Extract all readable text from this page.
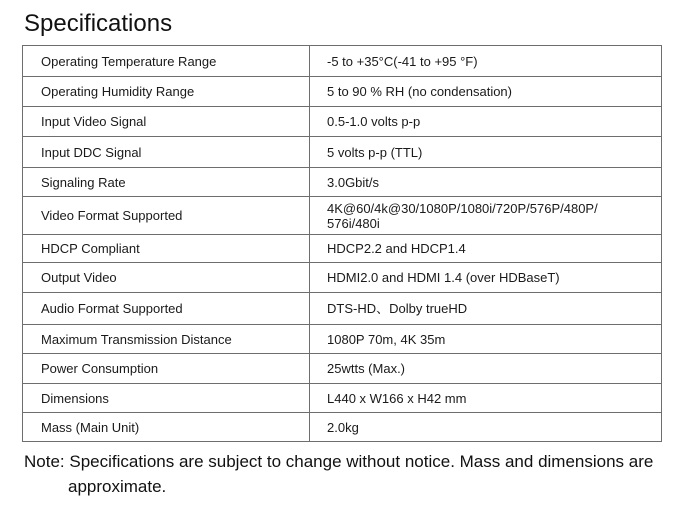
Specifications
Operating Temperature Range	-5 to +35°C(-41 to +95 °F)
Operating Humidity Range	5 to 90 % RH (no condensation)
Input Video Signal	0.5-1.0 volts p-p
Input DDC Signal	5 volts p-p (TTL)
Signaling Rate	3.0Gbit/s
Video Format Supported	4K@60/4k@30/1080P/1080i/720P/576P/480P/ 576i/480i
HDCP Compliant	HDCP2.2 and HDCP1.4
Output Video	HDMI2.0 and HDMI 1.4 (over HDBaseT)
Audio Format Supported	DTS-HD、Dolby trueHD
Maximum Transmission Distance	1080P 70m, 4K 35m
Power Consumption	25wtts (Max.)
Dimensions	L440 x W166 x H42 mm
Mass (Main Unit)	2.0kg

Note: Specifications are subject to change without notice. Mass and dimensions are approximate.
